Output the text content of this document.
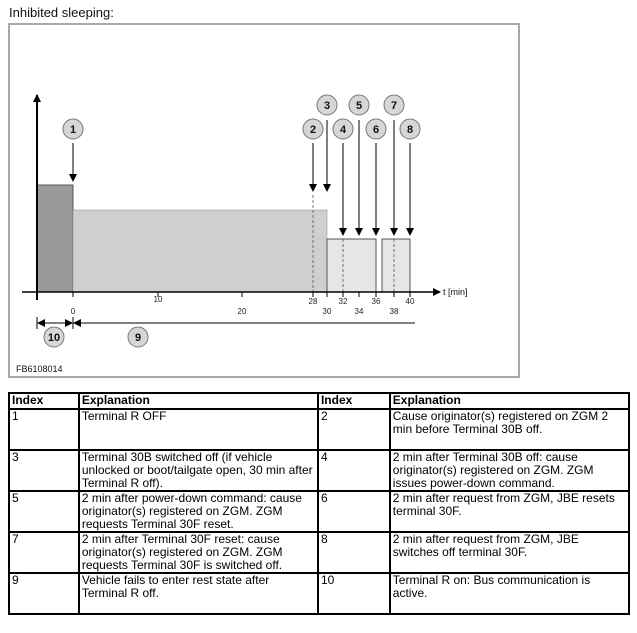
Inhibited sleeping:
t [min]
0
10
20
28
30
32
34
36
38
40
1	2
3
4
5
6
7
8
9
10
FB6108014
Index	Explanation	Index	Explanation
1	Terminal R OFF	2	Cause originator(s) registered on ZGM 2 min before Terminal 30B off.
3	Terminal 30B switched off (if vehicle unlocked or boot/tailgate open, 30 min after Terminal R off).	4	2 min after Terminal 30B off: cause originator(s) registered on ZGM. ZGM issues power-down command.
5	2 min after power-down command: cause originator(s) registered on ZGM. ZGM requests Terminal 30F reset.	6	2 min after request from ZGM, JBE resets terminal 30F.
7	2 min after Terminal 30F reset: cause originator(s) registered on ZGM. ZGM requests Terminal 30F is switched off.	8	2 min after request from ZGM, JBE switches off terminal 30F.
9	Vehicle fails to enter rest state after Terminal R off.	10	Terminal R on: Bus communication is active.
